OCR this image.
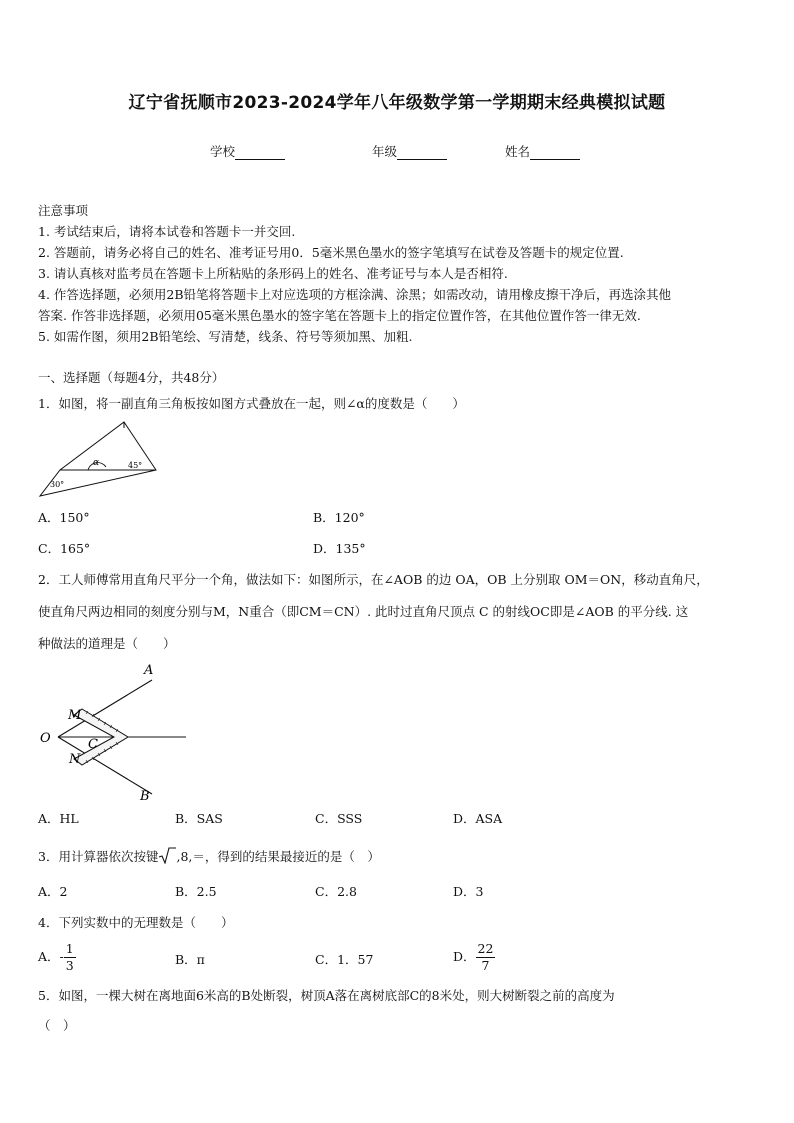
辽宁省抚顺市2023-2024学年八年级数学第一学期期末经典模拟试题
学校	年级	姓名
注意事项
1. 考试结束后，请将本试卷和答题卡一并交回.
2. 答题前，请务必将自己的姓名、准考证号用0．5毫米黑色墨水的签字笔填写在试卷及答题卡的规定位置.
3. 请认真核对监考员在答题卡上所粘贴的条形码上的姓名、准考证号与本人是否相符.
4. 作答选择题，必须用2B铅笔将答题卡上对应选项的方框涂满、涂黑；如需改动，请用橡皮擦干净后，再选涂其他
答案. 作答非选择题，必须用05毫米黑色墨水的签字笔在答题卡上的指定位置作答，在其他位置作答一律无效.
5. 如需作图，须用2B铅笔绘、写清楚，线条、符号等须加黑、加粗.
一、选择题（每题4分，共48分）
1．如图，将一副直角三角板按如图方式叠放在一起，则∠α的度数是（　　）
α	45°
30°
A．150°	B．120°
C．165°	D．135°
2．工人师傅常用直角尺平分一个角，做法如下：如图所示，在∠AOB 的边 OA，OB 上分别取 OM＝ON，移动直角尺，
使直角尺两边相同的刻度分别与M，N重合（即CM＝CN）. 此时过直角尺顶点 C 的射线OC即是∠AOB 的平分线. 这
种做法的道理是（　　）
A
B
O
M
N
C
A．HL	B．SAS	C．SSS	D．ASA
3．用计算器依次按键 ,8,＝，得到的结果最接近的是（　）
A．2	B．2.5	C．2.8	D．3
4．下列实数中的无理数是（　　）
A．- $\frac{1}{3}$	B．π	C．1．57	D． $\frac{22}{7}$
5．如图，一棵大树在离地面6米高的B处断裂，树顶A落在离树底部C的8米处，则大树断裂之前的高度为
（　）
